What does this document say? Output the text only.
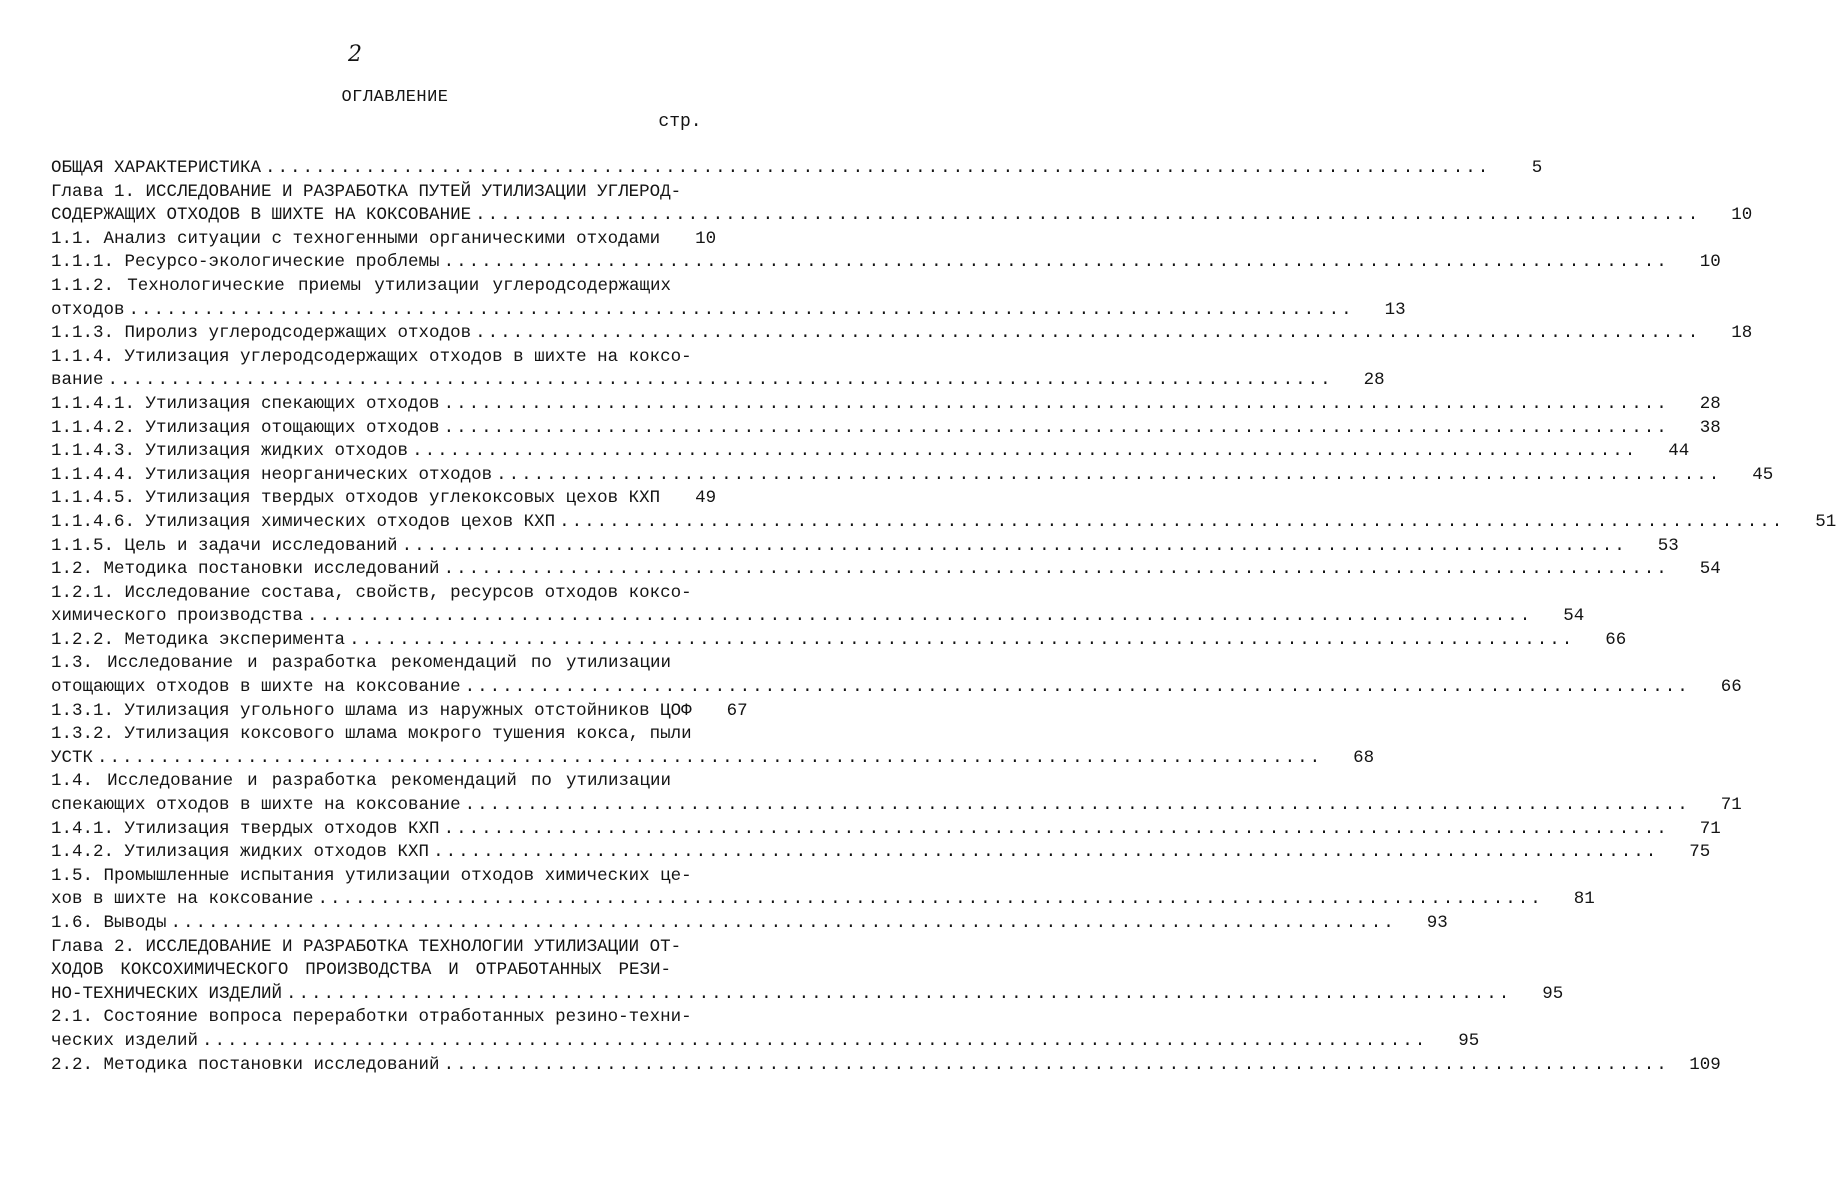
2
ОГЛАВЛЕНИЕ
стр.
ОБЩАЯ ХАРАКТЕРИСТИКА ..................................................................................................	5
Глава 1. ИССЛЕДОВАНИЕ И РАЗРАБОТКА ПУТЕЙ УТИЛИЗАЦИИ УГЛЕРОД-
СОДЕРЖАЩИХ ОТХОДОВ В ШИХТЕ НА КОКСОВАНИЕ ..................................................................................................	10
1.1. Анализ ситуации с техногенными органическими отходами	10
1.1.1. Ресурсо-экологические проблемы ..................................................................................................	10
1.1.2. Технологические приемы утилизации углеродсодержащих
отходов ..................................................................................................	13
1.1.3. Пиролиз углеродсодержащих отходов ..................................................................................................	18
1.1.4. Утилизация углеродсодержащих отходов в шихте на коксо-
вание ..................................................................................................	28
1.1.4.1. Утилизация спекающих отходов ..................................................................................................	28
1.1.4.2. Утилизация отощающих отходов ..................................................................................................	38
1.1.4.3. Утилизация жидких отходов ..................................................................................................	44
1.1.4.4. Утилизация неорганических отходов ..................................................................................................	45
1.1.4.5. Утилизация твердых отходов углекоксовых цехов КХП	49
1.1.4.6. Утилизация химических отходов цехов КХП ..................................................................................................	51
1.1.5. Цель и задачи исследований ..................................................................................................	53
1.2. Методика постановки исследований ..................................................................................................	54
1.2.1. Исследование состава, свойств, ресурсов отходов коксо-
химического производства ..................................................................................................	54
1.2.2. Методика эксперимента ..................................................................................................	66
1.3. Исследование и разработка рекомендаций по утилизации
отощающих отходов в шихте на коксование ..................................................................................................	66
1.3.1. Утилизация угольного шлама из наружных отстойников ЦОФ	67
1.3.2. Утилизация коксового шлама мокрого тушения кокса, пыли
УСТК ..................................................................................................	68
1.4. Исследование и разработка рекомендаций по утилизации
спекающих отходов в шихте на коксование ..................................................................................................	71
1.4.1. Утилизация твердых отходов КХП ..................................................................................................	71
1.4.2. Утилизация жидких отходов КХП ..................................................................................................	75
1.5. Промышленные испытания утилизации отходов химических це-
хов в шихте на коксование ..................................................................................................	81
1.6. Выводы ..................................................................................................	93
Глава 2. ИССЛЕДОВАНИЕ И РАЗРАБОТКА ТЕХНОЛОГИИ УТИЛИЗАЦИИ ОТ-
ХОДОВ КОКСОХИМИЧЕСКОГО ПРОИЗВОДСТВА И ОТРАБОТАННЫХ РЕЗИ-
НО-ТЕХНИЧЕСКИХ ИЗДЕЛИЙ ..................................................................................................	95
2.1. Состояние вопроса переработки отработанных резино-техни-
ческих изделий ..................................................................................................	95
2.2. Методика постановки исследований ..................................................................................................	109
